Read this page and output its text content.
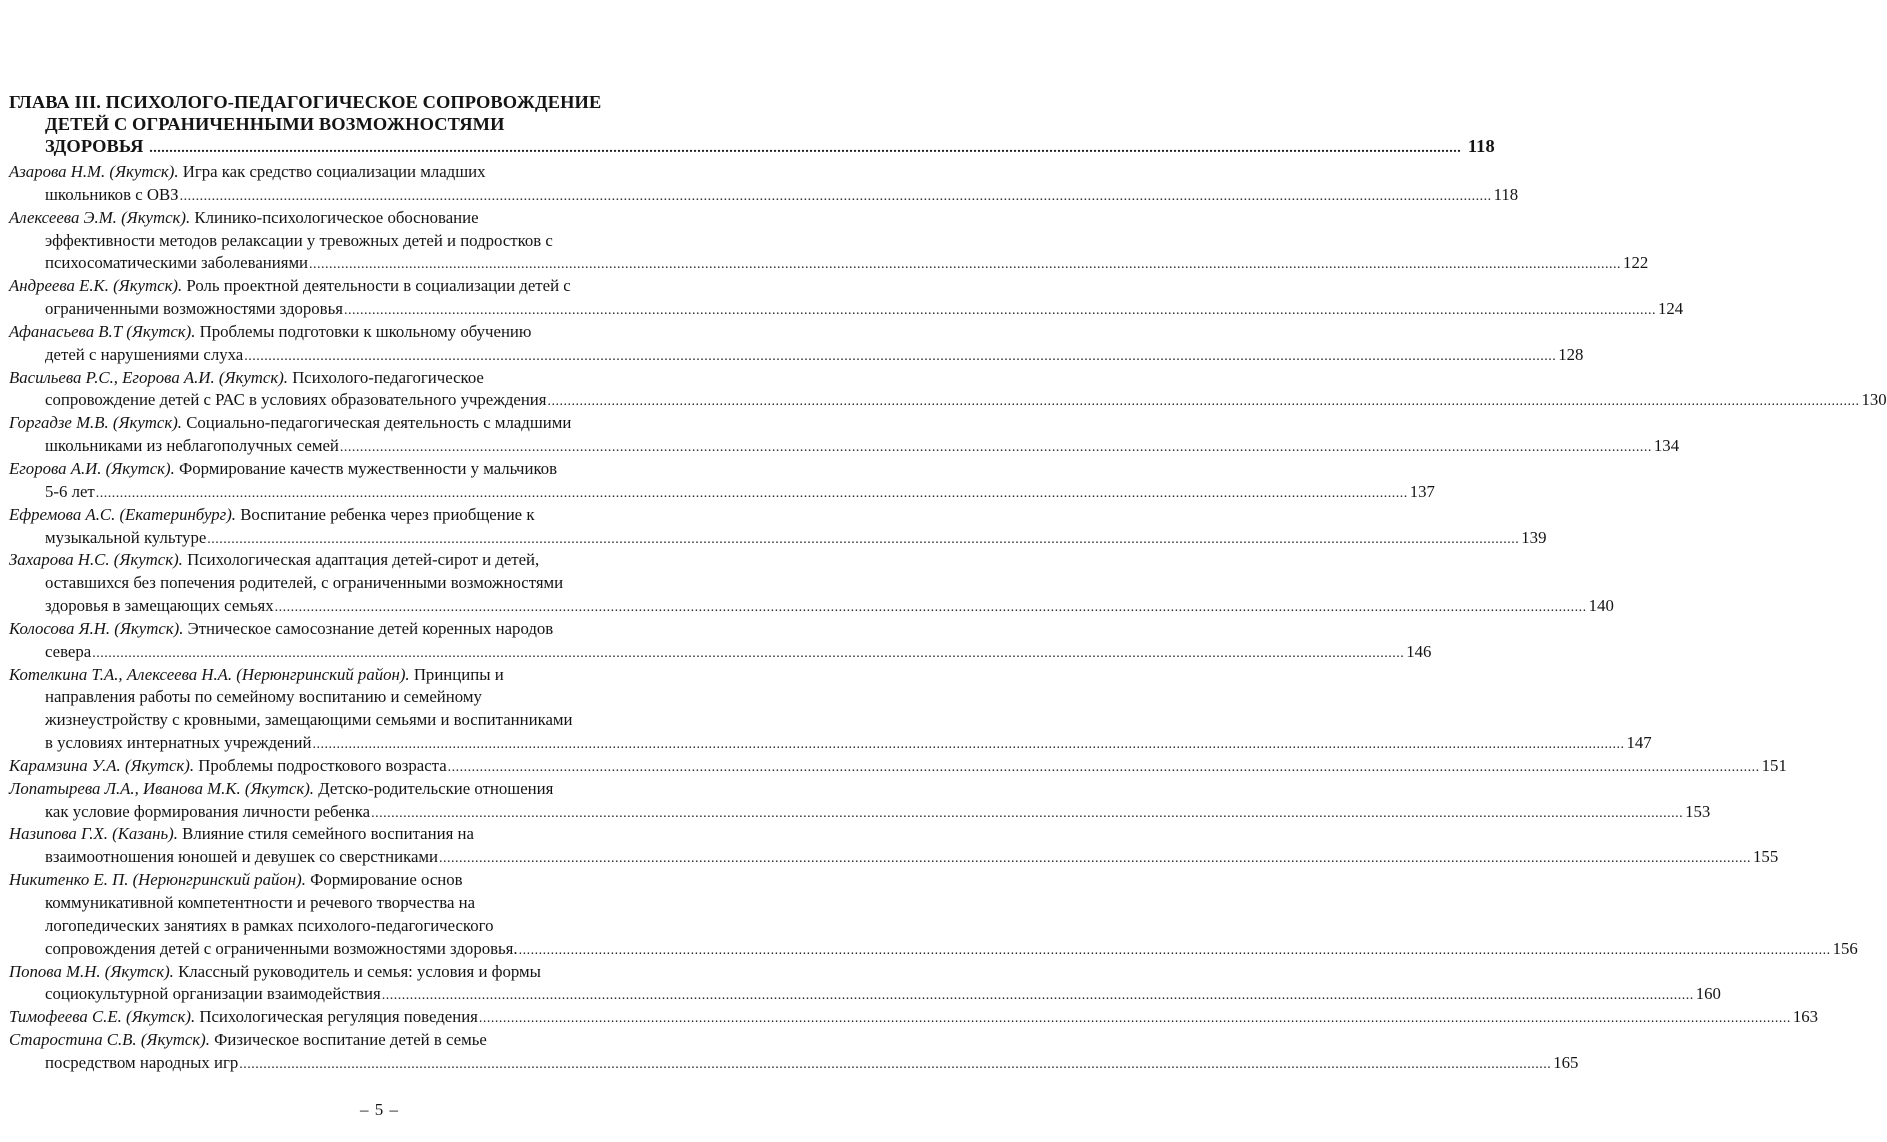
ГЛАВА III. ПСИХОЛОГО-ПЕДАГОГИЧЕСКОЕ СОПРОВОЖДЕНИЕ
ДЕТЕЙ С ОГРАНИЧЕННЫМИ ВОЗМОЖНОСТЯМИ
ЗДОРОВЬЯ .....	118
Азарова Н.М. (Якутск). Игра как средство социализации младших
школьников с ОВЗ .....	118
Алексеева Э.М. (Якутск). Клинико-психологическое обоснование
эффективности методов релаксации у тревожных детей и подростков с
психосоматическими заболеваниями .....	122
Андреева Е.К. (Якутск). Роль проектной деятельности в социализации детей с
ограниченными возможностями здоровья .....	124
Афанасьева В.Т (Якутск). Проблемы подготовки к школьному обучению
детей с нарушениями слуха .....	128
Васильева Р.С., Егорова А.И. (Якутск). Психолого-педагогическое
сопровождение детей с РАС в условиях образовательного учреждения .....	130
Горгадзе М.В. (Якутск). Социально-педагогическая деятельность с младшими
школьниками из неблагополучных семей .....	134
Егорова А.И. (Якутск). Формирование качеств мужественности у мальчиков
5-6 лет .....	137
Ефремова А.С. (Екатеринбург). Воспитание ребенка через приобщение к
музыкальной культуре .....	139
Захарова Н.С. (Якутск). Психологическая адаптация детей-сирот и детей,
оставшихся без попечения родителей, с ограниченными возможностями
здоровья в замещающих семьях .....	140
Колосова Я.Н. (Якутск). Этническое самосознание детей коренных народов
севера .....	146
Котелкина Т.А., Алексеева Н.А. (Нерюнгринский район). Принципы и
направления работы по семейному воспитанию и семейному
жизнеустройству с кровными, замещающими семьями и воспитанниками
в условиях интернатных учреждений .....	147
Карамзина У.А. (Якутск). Проблемы подросткового возраста .....	151
Лопатырева Л.А., Иванова М.К. (Якутск). Детско-родительские отношения
как условие формирования личности ребенка .....	153
Назипова Г.Х. (Казань). Влияние стиля семейного воспитания на
взаимоотношения юношей и девушек со сверстниками .....	155
Никитенко Е. П. (Нерюнгринский район). Формирование основ
коммуникативной компетентности и речевого творчества на
логопедических занятиях в рамках психолого-педагогического
сопровождения детей с ограниченными возможностями здоровья. .....	156
Попова М.Н. (Якутск). Классный руководитель и семья: условия и формы
социокультурной организации взаимодействия .....	160
Тимофеева С.Е. (Якутск). Психологическая регуляция поведения .....	163
Старостина С.В. (Якутск). Физическое воспитание детей в семье
посредством народных игр .....	165
– 5 –
